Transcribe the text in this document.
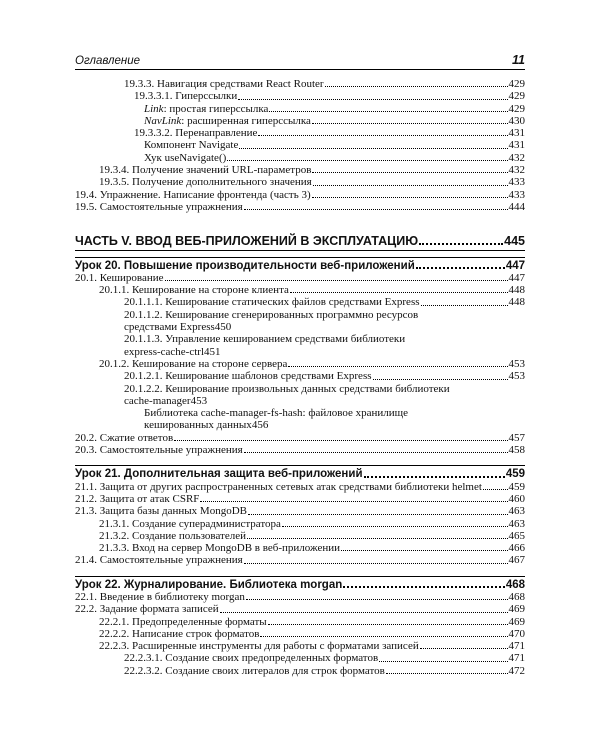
Оглавление	11
19.3.3. Навигация средствами React Router	429
19.3.3.1. Гиперссылки	429
Link: простая гиперссылка	429
NavLink: расширенная гиперссылка	430
19.3.3.2. Перенаправление	431
Компонент Navigate	431
Хук useNavigate()	432
19.3.4. Получение значений URL-параметров	432
19.3.5. Получение дополнительного значения	433
19.4. Упражнение. Написание фронтенда (часть 3)	433
19.5. Самостоятельные упражнения	444
ЧАСТЬ V. ВВОД ВЕБ-ПРИЛОЖЕНИЙ В ЭКСПЛУАТАЦИЮ	445
Урок 20. Повышение производительности веб-приложений	447
20.1. Кеширование	447
20.1.1. Кеширование на стороне клиента	448
20.1.1.1. Кеширование статических файлов средствами Express	448
20.1.1.2. Кеширование сгенерированных программно ресурсов
средствами Express 450
20.1.1.3. Управление кешированием средствами библиотеки
express-cache-ctrl 451
20.1.2. Кеширование на стороне сервера	453
20.1.2.1. Кеширование шаблонов средствами Express	453
20.1.2.2. Кеширование произвольных данных средствами библиотеки
cache-manager 453
Библиотека cache-manager-fs-hash: файловое хранилище
кешированных данных 456
20.2. Сжатие ответов	457
20.3. Самостоятельные упражнения	458
Урок 21. Дополнительная защита веб-приложений	459
21.1. Защита от других распространенных сетевых атак средствами библиотеки helmet 459
21.2. Защита от атак CSRF	460
21.3. Защита базы данных MongoDB	463
21.3.1. Создание суперадминистратора	463
21.3.2. Создание пользователей	465
21.3.3. Вход на сервер MongoDB в веб-приложении	466
21.4. Самостоятельные упражнения	467
Урок 22. Журналирование. Библиотека morgan	468
22.1. Введение в библиотеку morgan	468
22.2. Задание формата записей	469
22.2.1. Предопределенные форматы	469
22.2.2. Написание строк форматов	470
22.2.3. Расширенные инструменты для работы с форматами записей	471
22.2.3.1. Создание своих предопределенных форматов	471
22.2.3.2. Создание своих литералов для строк форматов	472
